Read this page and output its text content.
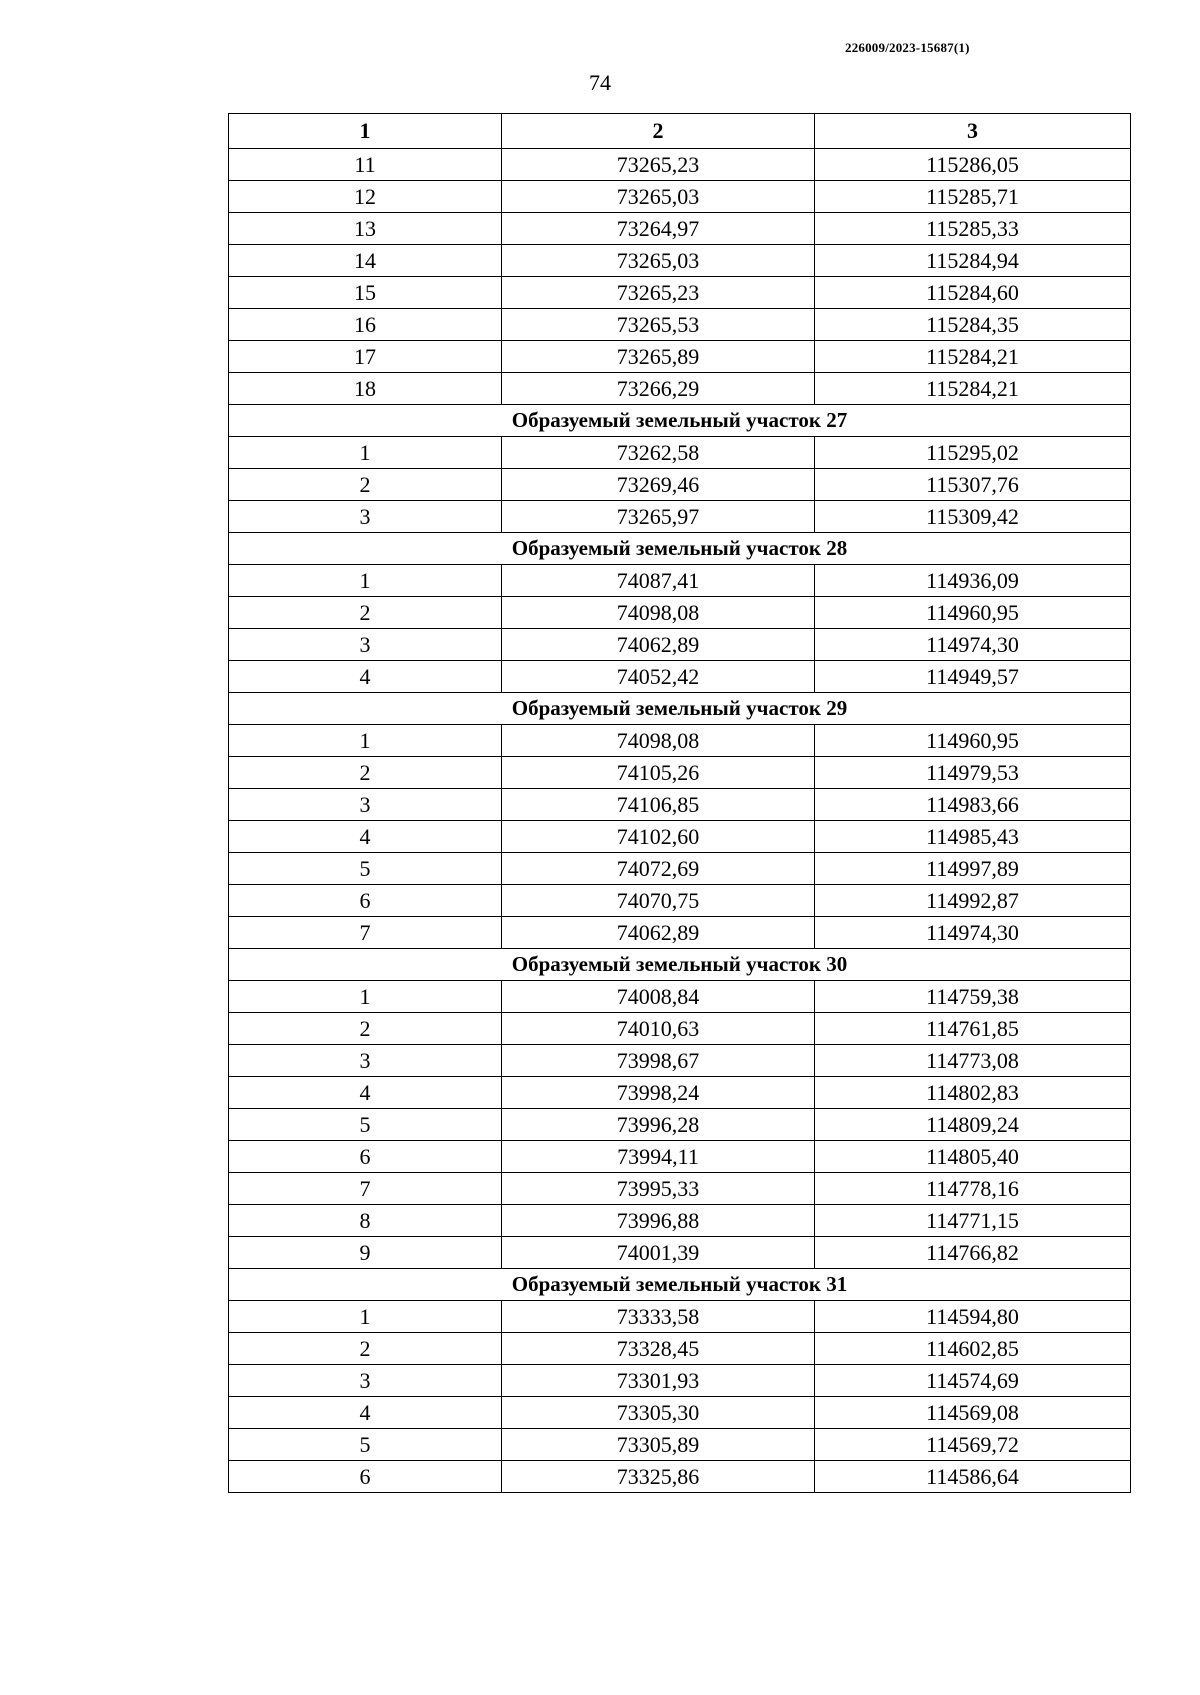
226009/2023-15687(1)
74
1	2	3
11	73265,23	115286,05
12	73265,03	115285,71
13	73264,97	115285,33
14	73265,03	115284,94
15	73265,23	115284,60
16	73265,53	115284,35
17	73265,89	115284,21
18	73266,29	115284,21
Образуемый земельный участок 27		
1	73262,58	115295,02
2	73269,46	115307,76
3	73265,97	115309,42
Образуемый земельный участок 28		
1	74087,41	114936,09
2	74098,08	114960,95
3	74062,89	114974,30
4	74052,42	114949,57
Образуемый земельный участок 29		
1	74098,08	114960,95
2	74105,26	114979,53
3	74106,85	114983,66
4	74102,60	114985,43
5	74072,69	114997,89
6	74070,75	114992,87
7	74062,89	114974,30
Образуемый земельный участок 30		
1	74008,84	114759,38
2	74010,63	114761,85
3	73998,67	114773,08
4	73998,24	114802,83
5	73996,28	114809,24
6	73994,11	114805,40
7	73995,33	114778,16
8	73996,88	114771,15
9	74001,39	114766,82
Образуемый земельный участок 31		
1	73333,58	114594,80
2	73328,45	114602,85
3	73301,93	114574,69
4	73305,30	114569,08
5	73305,89	114569,72
6	73325,86	114586,64
